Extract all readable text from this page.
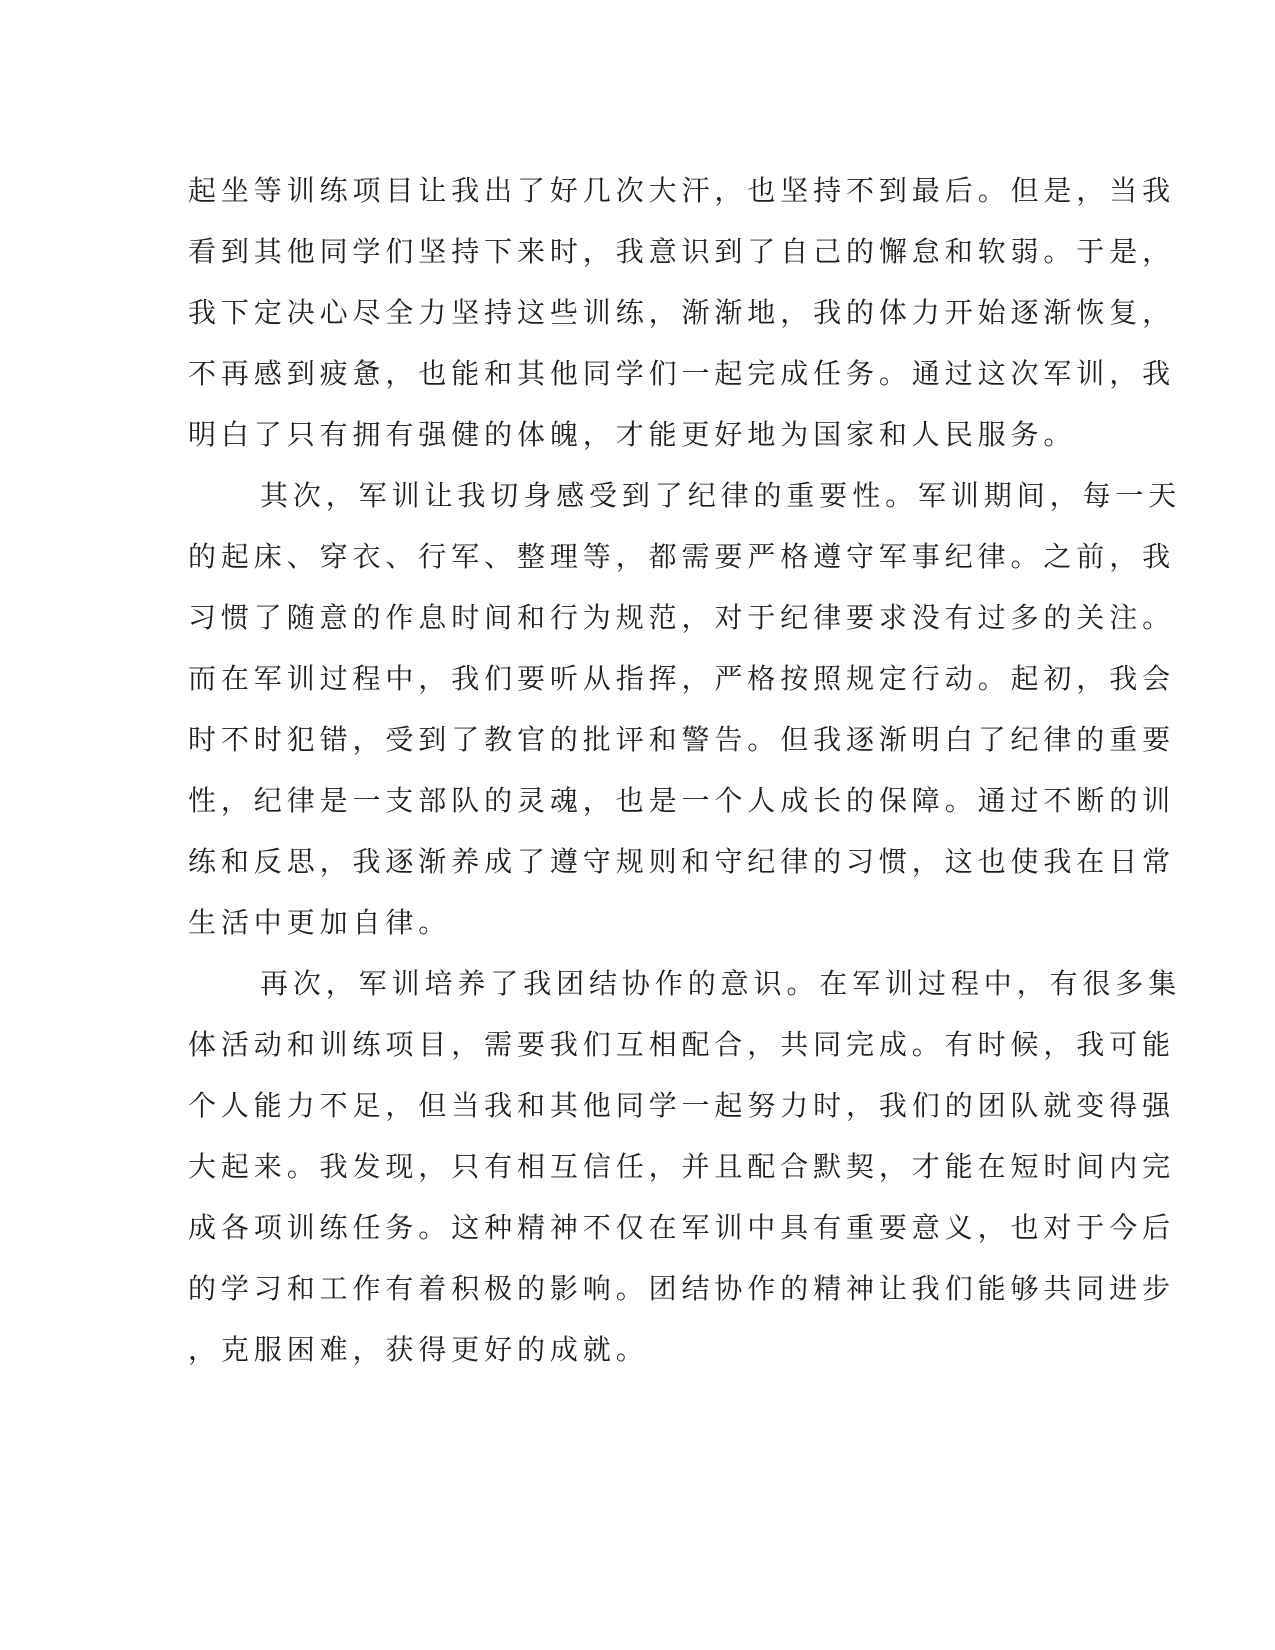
起坐等训练项目让我出了好几次大汗，也坚持不到最后。但是，当我
看到其他同学们坚持下来时，我意识到了自己的懈怠和软弱。于是，
我下定决心尽全力坚持这些训练，渐渐地，我的体力开始逐渐恢复，
不再感到疲惫，也能和其他同学们一起完成任务。通过这次军训，我
明白了只有拥有强健的体魄，才能更好地为国家和人民服务。
其次，军训让我切身感受到了纪律的重要性。军训期间，每一天
的起床、穿衣、行军、整理等，都需要严格遵守军事纪律。之前，我
习惯了随意的作息时间和行为规范，对于纪律要求没有过多的关注。
而在军训过程中，我们要听从指挥，严格按照规定行动。起初，我会
时不时犯错，受到了教官的批评和警告。但我逐渐明白了纪律的重要
性，纪律是一支部队的灵魂，也是一个人成长的保障。通过不断的训
练和反思，我逐渐养成了遵守规则和守纪律的习惯，这也使我在日常
生活中更加自律。
再次，军训培养了我团结协作的意识。在军训过程中，有很多集
体活动和训练项目，需要我们互相配合，共同完成。有时候，我可能
个人能力不足，但当我和其他同学一起努力时，我们的团队就变得强
大起来。我发现，只有相互信任，并且配合默契，才能在短时间内完
成各项训练任务。这种精神不仅在军训中具有重要意义，也对于今后
的学习和工作有着积极的影响。团结协作的精神让我们能够共同进步
，克服困难，获得更好的成就。
